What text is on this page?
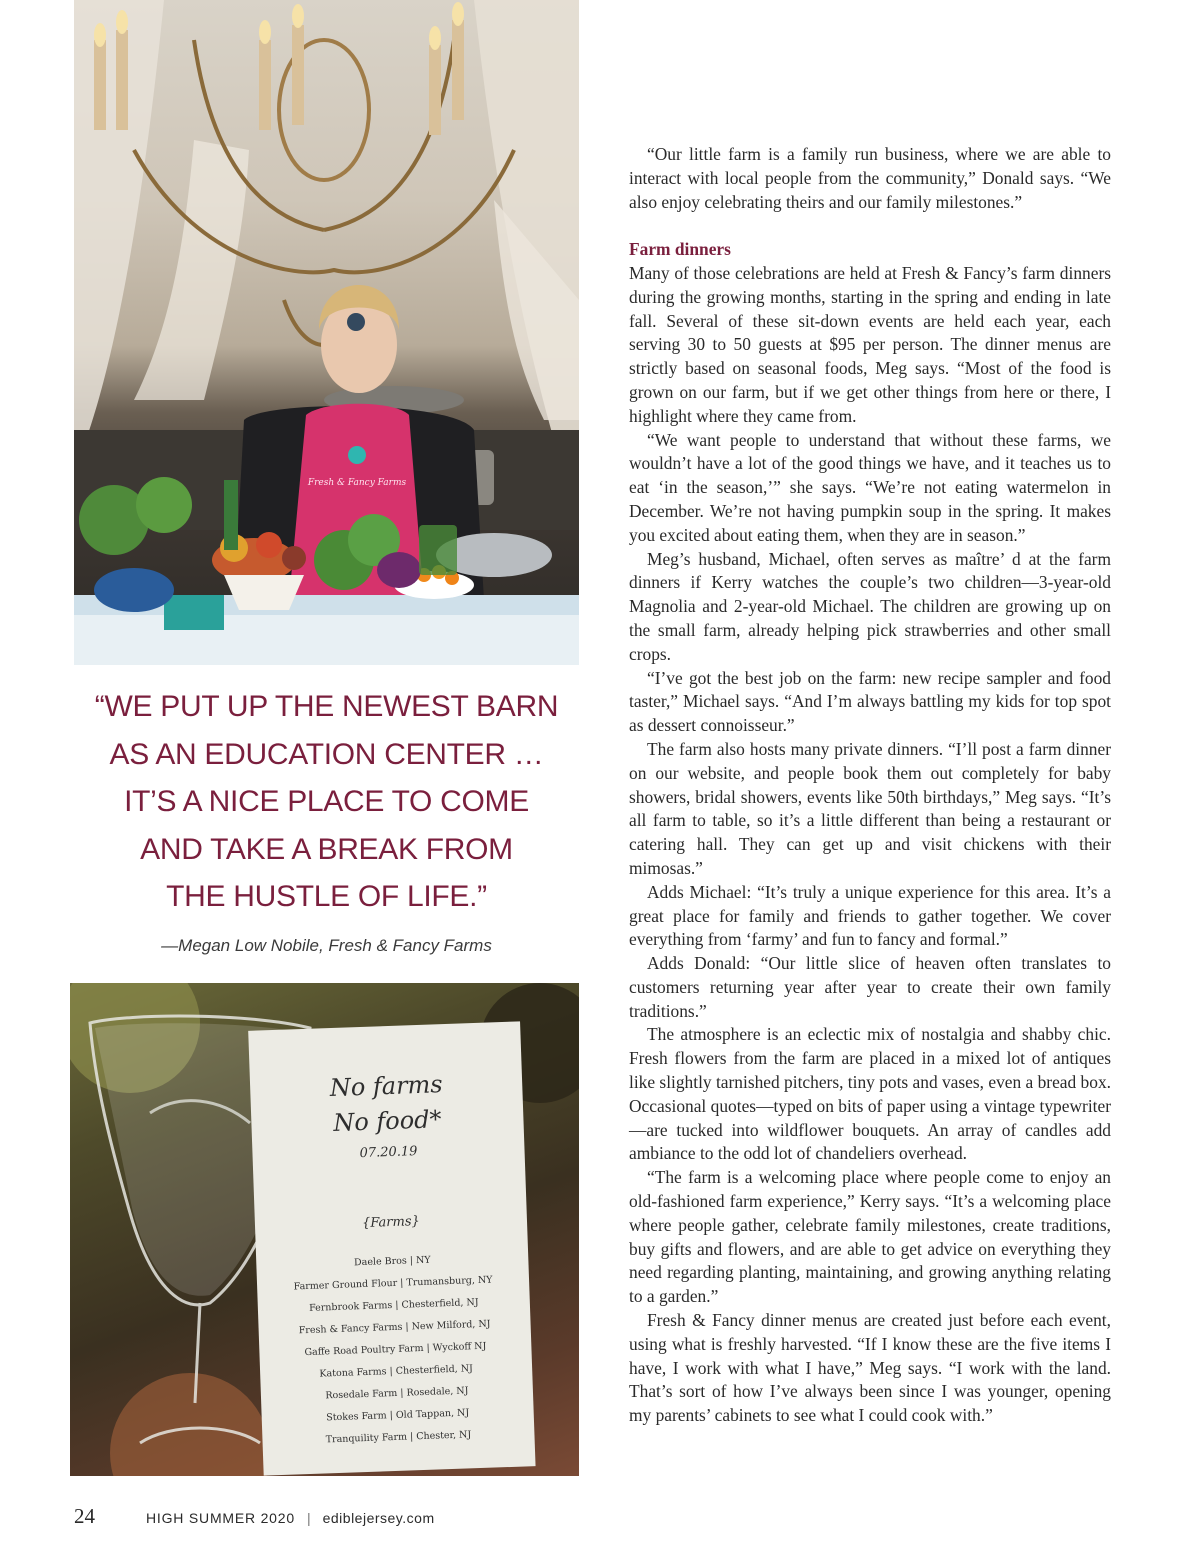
Fresh & Fancy Farms
“WE PUT UP THE NEWEST BARN
AS AN EDUCATION CENTER …
IT’S A NICE PLACE TO COME
AND TAKE A BREAK FROM
THE HUSTLE OF LIFE.”
—Megan Low Nobile, Fresh & Fancy Farms
No farms
No food*
07.20.19
{Farms}
Daele Bros | NY
Farmer Ground Flour | Trumansburg, NY
Fernbrook Farms | Chesterfield, NJ
Fresh & Fancy Farms | New Milford, NJ
Gaffe Road Poultry Farm | Wyckoff NJ
Katona Farms | Chesterfield, NJ
Rosedale Farm | Rosedale, NJ
Stokes Farm | Old Tappan, NJ
Tranquility Farm | Chester, NJ

“Our little farm is a family run business, where we are able to interact with local people from the community,” Donald says. “We also enjoy celebrating theirs and our family milestones.”

Farm dinners

Many of those celebrations are held at Fresh & Fancy’s farm dinners during the growing months, starting in the spring and ending in late fall. Several of these sit-down events are held each year, each serving 30 to 50 guests at $95 per person. The dinner menus are strictly based on seasonal foods, Meg says. “Most of the food is grown on our farm, but if we get other things from here or there, I highlight where they came from.

“We want people to understand that without these farms, we wouldn’t have a lot of the good things we have, and it teaches us to eat ‘in the season,’” she says. “We’re not eating watermelon in December. We’re not having pumpkin soup in the spring. It makes you excited about eating them, when they are in season.”

Meg’s husband, Michael, often serves as maître’ d at the farm dinners if Kerry watches the couple’s two children—3-year-old Magnolia and 2-year-old Michael. The children are growing up on the small farm, already helping pick strawberries and other small crops.

“I’ve got the best job on the farm: new recipe sampler and food taster,” Michael says. “And I’m always battling my kids for top spot as dessert connoisseur.”

The farm also hosts many private dinners. “I’ll post a farm dinner on our website, and people book them out completely for baby showers, bridal showers, events like 50th birthdays,” Meg says. “It’s all farm to table, so it’s a little different than being a restaurant or catering hall. They can get up and visit chickens with their mimosas.”

Adds Michael: “It’s truly a unique experience for this area. It’s a great place for family and friends to gather together. We cover everything from ‘farmy’ and fun to fancy and formal.”

Adds Donald: “Our little slice of heaven often translates to customers returning year after year to create their own family traditions.”

The atmosphere is an eclectic mix of nostalgia and shabby chic. Fresh flowers from the farm are placed in a mixed lot of antiques like slightly tarnished pitchers, tiny pots and vases, even a bread box. Occasional quotes—typed on bits of paper using a vintage typewriter—are tucked into wildflower bouquets. An array of candles add ambiance to the odd lot of chandeliers overhead.

“The farm is a welcoming place where people come to enjoy an old-fashioned farm experience,” Kerry says. “It’s a welcoming place where people gather, celebrate family milestones, create traditions, buy gifts and flowers, and are able to get advice on everything they need regarding planting, maintaining, and growing anything relating to a garden.”

Fresh & Fancy dinner menus are created just before each event, using what is freshly harvested. “If I know these are the five items I have, I work with what I have,” Meg says. “I work with the land. That’s sort of how I’ve always been since I was younger, opening my parents’ cabinets to see what I could cook with.”

24	HIGH SUMMER 2020 | ediblejersey.com
